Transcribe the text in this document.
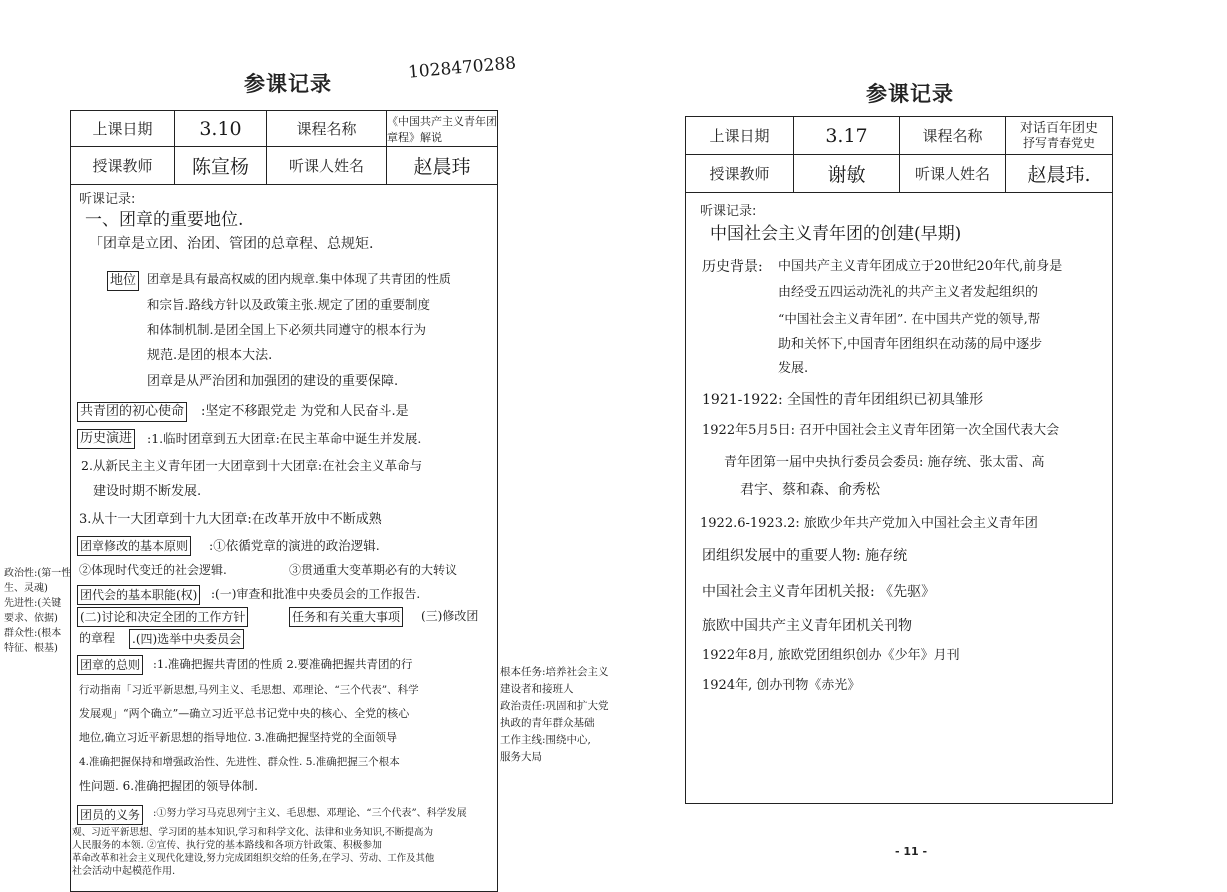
参课记录
1028470288
上课日期 3.10	课程名称	《中国共产主义青年团章程》解说
授课教师 陈宣杨	听课人姓名	赵晨玮
听课记录:
一、团章的重要地位.
「团章是立团、治团、管团的总章程、总规矩.
地位 团章是具有最高权威的团内规章.集中体现了共青团的性质
和宗旨.路线方针以及政策主张.规定了团的重要制度
和体制机制.是团全国上下必须共同遵守的根本行为
规范.是团的根本大法.
团章是从严治团和加强团的建设的重要保障.
共青团的初心使命 :坚定不移跟党走 为党和人民奋斗.是
历史演进 :1.临时团章到五大团章:在民主革命中诞生并发展.
2.从新民主主义青年团一大团章到十大团章:在社会主义革命与
建设时期不断发展.
3.从十一大团章到十九大团章:在改革开放中不断成熟
团章修改的基本原则 :①依循党章的演进的政治逻辑.
②体现时代变迁的社会逻辑.	③贯通重大变革期必有的大转议
团代会的基本职能(权) :(一)审查和批准中央委员会的工作报告.
(二)讨论和决定全团的工作方针	任务和有关重大事项 (三)修改团
的章程 .(四)选举中央委员会
团章的总则 :1.准确把握共青团的性质 2.要准确把握共青团的行
行动指南「习近平新思想,马列主义、毛思想、邓理论、“三个代表”、科学
发展观」“两个确立”—确立习近平总书记党中央的核心、全党的核心
地位,确立习近平新思想的指导地位. 3.准确把握坚持党的全面领导
4.准确把握保持和增强政治性、先进性、群众性. 5.准确把握三个根本
性问题. 6.准确把握团的领导体制.
团员的义务	:①努力学习马克思列宁主义、毛思想、邓理论、“三个代表”、科学发展
观、习近平新思想、学习团的基本知识,学习和科学文化、法律和业务知识,不断提高为
人民服务的本领. ②宣传、执行党的基本路线和各项方针政策、积极参加
革命改革和社会主义现代化建设,努力完成团组织交给的任务,在学习、劳动、工作及其他
社会活动中起模范作用.
政治性:(第一性
生、灵魂)
先进性:(关键
要求、依据)
群众性:(根本
特征、根基)
根本任务:培养社会主义
建设者和接班人
政治责任:巩固和扩大党
执政的青年群众基础
工作主线:围绕中心,
服务大局
参课记录
上课日期	3.17	课程名称	对话百年团史
抒写青春党史
授课教师	谢敏	听课人姓名 赵晨玮.
听课记录:
中国社会主义青年团的创建(早期)
历史背景: 中国共产主义青年团成立于20世纪20年代,前身是
由经受五四运动洗礼的共产主义者发起组织的
“中国社会主义青年团”. 在中国共产党的领导,帮
助和关怀下,中国青年团组织在动荡的局中逐步
发展.
1921-1922: 全国性的青年团组织已初具雏形
1922年5月5日: 召开中国社会主义青年团第一次全国代表大会
青年团第一届中央执行委员会委员: 施存统、张太雷、高
君宇、蔡和森、俞秀松
1922.6-1923.2: 旅欧少年共产党加入中国社会主义青年团
团组织发展中的重要人物: 施存统
中国社会主义青年团机关报: 《先驱》
旅欧中国共产主义青年团机关刊物
1922年8月, 旅欧党团组织创办《少年》月刊
1924年, 创办刊物《赤光》
- 11 -
